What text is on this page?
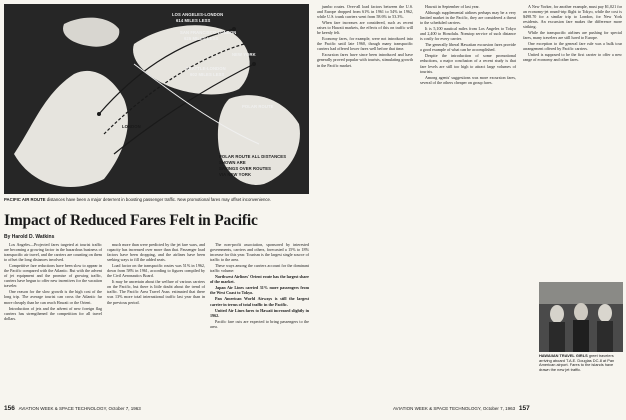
LOS ANGELES-LONDON
614 MILES LESS
SAN FRANCISCO-LONDON
625 MILES LESS
NEW YORK
SEATTLE-LONDON
602 MILES LESS
POLAR ROUTE
LONDON
POLAR ROUTE ALL DISTANCES
SHOWN ARE
SAVINGS OVER ROUTES
VIA NEW YORK
PACIFIC AIR ROUTE distances have been a major deterrent in boosting passenger traffic. New promotional fares may offset inconvenience.
Impact of Reduced Fares Felt in Pacific
By Harold D. Watkins

Los Angeles—Projected fares targeted at tourist traffic are becoming a growing factor in the hazardous business of transpacific air travel, and the carriers are counting on them to offset the long distances involved.

Competitive fare reductions have been slow to appear in the Pacific compared with the Atlantic. But with the advent of jet equipment and the promise of growing traffic, carriers have begun to offer new incentives for the vacation traveler.

One reason for the slow growth is the high cost of the long trip. The average tourist can cross the Atlantic far more cheaply than he can reach Hawaii or the Orient.

Introduction of jets and the advent of new foreign flag carriers has strengthened the competition for all travel dollars.

much more than were predicted by the jet fare wars, and capacity has increased over more than that. Passenger load factors have been dropping, and the airlines have been seeking ways to fill the added seats.

Load factor on the transpacific routes was 51% in 1962, down from 58% in 1961, according to figures compiled by the Civil Aeronautics Board.

It may be uncertain about the welfare of various carriers on the Pacific, but there is little doubt about the trend of traffic. The Pacific Area Travel Assn. estimated that there was 13% more total international traffic last year than in the previous period.

The non-profit association, sponsored by interested governments, carriers and others, forecasted a 15% to 18% increase for this year. Tourism is the largest single source of traffic to the area.

These ways among the carriers account for the dominant traffic volume:

Northwest Airlines' Orient route has the largest share of the market.

Japan Air Lines carried 31% more passengers from the West Coast to Tokyo.

Pan American World Airways is still the largest carrier in terms of total traffic in the Pacific.

United Air Lines fares to Hawaii increased slightly in 1962.

Pacific fare cuts are expected to bring passengers to the area.

156 AVIATION WEEK & SPACE TECHNOLOGY, October 7, 1963

jumbo routes. Over-all load factors between the U.S. and Europe dropped from 61% in 1961 to 54% in 1962, while U.S. trunk carriers went from 58.6% to 53.3%.

When fare increases are considered, such as recent raises to Hawaii markets, the effects of this on traffic will be keenly felt.

Economy fares, for example, were not introduced into the Pacific until late 1960, though many transpacific carriers had offered lower fares well before that time.

Excursion fares have since been introduced and have generally proved popular with tourists, stimulating growth in the Pacific market.

Hawaii in September of last year.

Although supplemental airlines perhaps may be a very limited market in the Pacific, they are considered a threat to the scheduled carriers.

It is 5,100 nautical miles from Los Angeles to Tokyo and 2,400 to Honolulu. Nonstop service of such distance is costly for every carrier.

The generally liberal Hawaiian excursion fares provide a good example of what can be accomplished.

Despite the introduction of some promotional reductions, a major conclusion of a recent study is that fare levels are still too high to attract large volumes of tourists.

Among agents' suggestions was more excursion fares, several of the others cheaper on group fares.

A New Yorker, for another example, must pay $1,021 for an economy-jet round-trip flight to Tokyo, while the cost is $498.70 for a similar trip to London, for New York residents. An excursion fare makes the difference more striking.

While the transpacific airlines are pushing for special fares, many travelers are still lured to Europe.

One exception to the general fare rule was a bulk tour arrangement offered by Pacific carriers.

United is supposed to be the first carrier to offer a new range of economy and other fares.

HAWAIIAN TRAVEL GIRLS greet travelers arriving aboard T.A.E. Douglas DC-8 at Pan American airport. Fares to the islands have drawn the new jet traffic.
AVIATION WEEK & SPACE TECHNOLOGY, October 7, 1963 157
